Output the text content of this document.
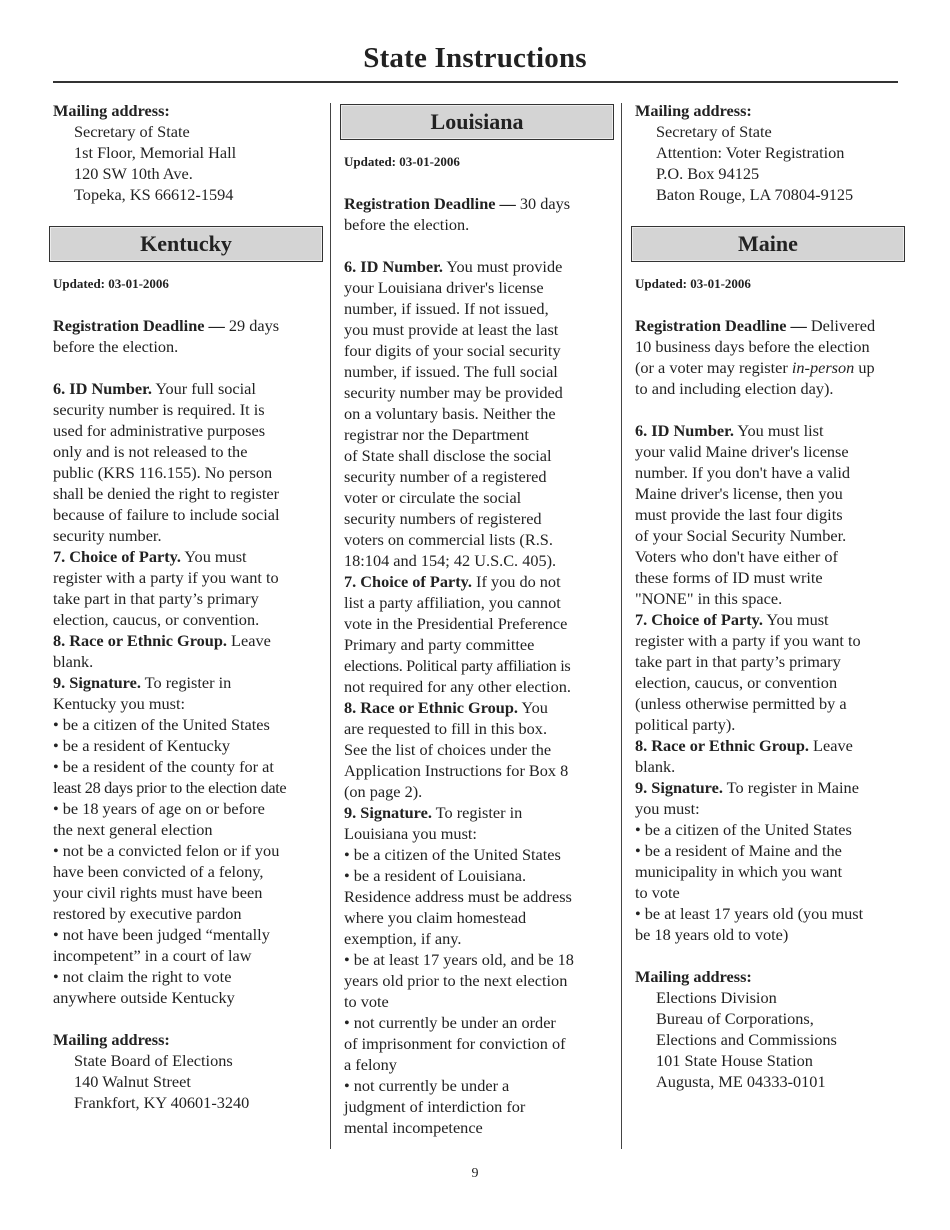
State Instructions
Mailing address:
Secretary of State
1st Floor, Memorial Hall
120 SW 10th Ave.
Topeka, KS 66612-1594
Kentucky
Updated: 03-01-2006
Registration Deadline — 29 days
before the election.
6. ID Number. Your full social
security number is required. It is
used for administrative purposes
only and is not released to the
public (KRS 116.155). No person
shall be denied the right to register
because of failure to include social
security number.
7. Choice of Party. You must
register with a party if you want to
take part in that party’s primary
election, caucus, or convention.
8. Race or Ethnic Group. Leave
blank.
9. Signature. To register in
Kentucky you must:
• be a citizen of the United States
• be a resident of Kentucky
• be a resident of the county for at
least 28 days prior to the election date
• be 18 years of age on or before
the next general election
• not be a convicted felon or if you
have been convicted of a felony,
your civil rights must have been
restored by executive pardon
• not have been judged “mentally
incompetent” in a court of law
• not claim the right to vote
anywhere outside Kentucky
Mailing address:
State Board of Elections
140 Walnut Street
Frankfort, KY 40601-3240
Louisiana
Updated: 03-01-2006
Registration Deadline — 30 days
before the election.
6. ID Number. You must provide
your Louisiana driver's license
number, if issued. If not issued,
you must provide at least the last
four digits of your social security
number, if issued. The full social
security number may be provided
on a voluntary basis. Neither the
registrar nor the Department
of State shall disclose the social
security number of a registered
voter or circulate the social
security numbers of registered
voters on commercial lists (R.S.
18:104 and 154; 42 U.S.C. 405).
7. Choice of Party. If you do not
list a party affiliation, you cannot
vote in the Presidential Preference
Primary and party committee
elections. Political party affiliation is
not required for any other election.
8. Race or Ethnic Group. You
are requested to fill in this box.
See the list of choices under the
Application Instructions for Box 8
(on page 2).
9. Signature. To register in
Louisiana you must:
• be a citizen of the United States
• be a resident of Louisiana.
Residence address must be address
where you claim homestead
exemption, if any.
• be at least 17 years old, and be 18
years old prior to the next election
to vote
• not currently be under an order
of imprisonment for conviction of
a felony
• not currently be under a
judgment of interdiction for
mental incompetence
Mailing address:
Secretary of State
Attention: Voter Registration
P.O. Box 94125
Baton Rouge, LA 70804-9125
Maine
Updated: 03-01-2006
Registration Deadline — Delivered
10 business days before the election
(or a voter may register in-person up
to and including election day).
6. ID Number. You must list
your valid Maine driver's license
number. If you don't have a valid
Maine driver's license, then you
must provide the last four digits
of your Social Security Number.
Voters who don't have either of
these forms of ID must write
"NONE" in this space.
7. Choice of Party. You must
register with a party if you want to
take part in that party’s primary
election, caucus, or convention
(unless otherwise permitted by a
political party).
8. Race or Ethnic Group. Leave
blank.
9. Signature. To register in Maine
you must:
• be a citizen of the United States
• be a resident of Maine and the
municipality in which you want
to vote
• be at least 17 years old (you must
be 18 years old to vote)
Mailing address:
Elections Division
Bureau of Corporations,
Elections and Commissions
101 State House Station
Augusta, ME 04333-0101
9
